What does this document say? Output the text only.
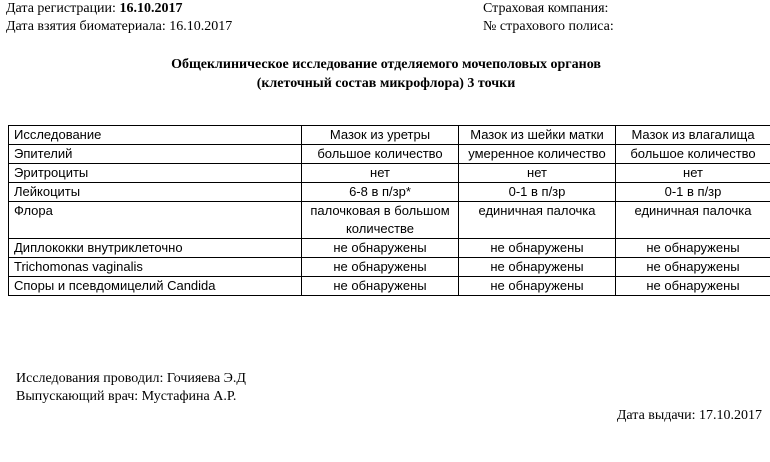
Дата регистрации: 16.10.2017
Дата взятия биоматериала: 16.10.2017
Страховая компания:
№ страхового полиса:
Общеклиническое исследование отделяемого мочеполовых органов
(клеточный состав микрофлора) 3 точки
Исследование	Мазок из уретры	Мазок из шейки матки	Мазок из влагалища
Эпителий	большое количество	умеренное количество	большое количество
Эритроциты	нет	нет	нет
Лейкоциты	6-8 в п/зр*	0-1 в п/зр	0-1 в п/зр
Флора	палочковая в большом количестве	единичная палочка	единичная палочка
Диплококки внутриклеточно	не обнаружены	не обнаружены	не обнаружены
Trichomonas vaginalis	не обнаружены	не обнаружены	не обнаружены
Споры и псевдомицелий Candida	не обнаружены	не обнаружены	не обнаружены
Исследования проводил: Гочияева Э.Д
Выпускающий врач: Мустафина А.Р.
Дата выдачи: 17.10.2017
